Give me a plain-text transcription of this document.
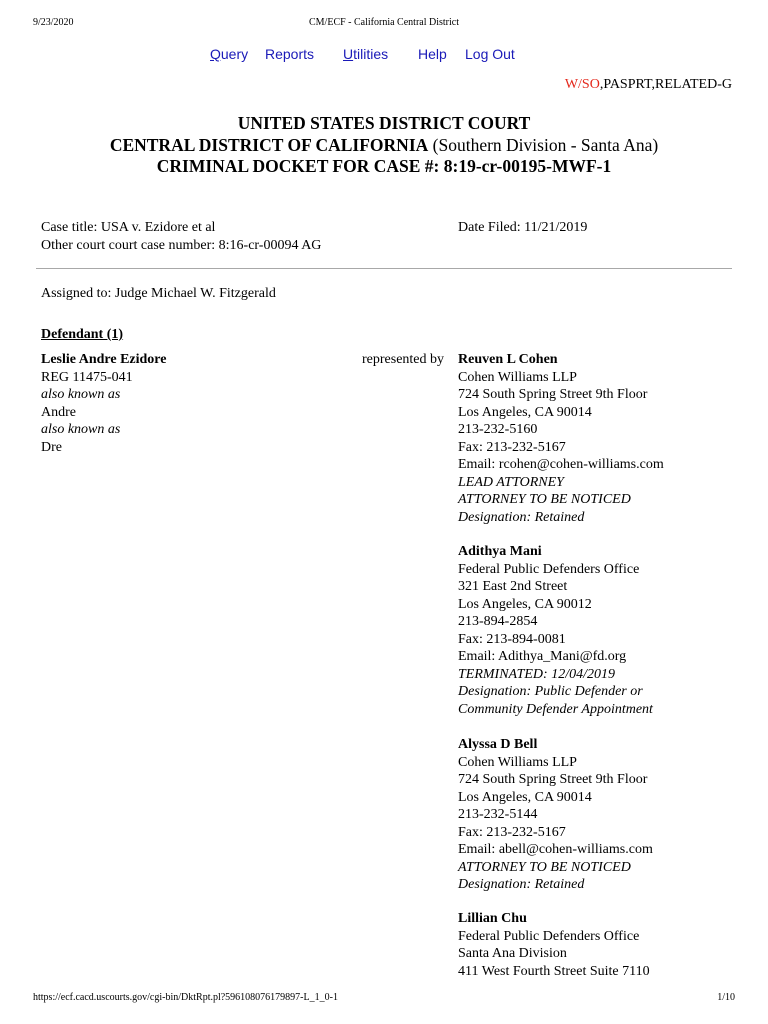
9/23/2020	CM/ECF - California Central District
Query Reports Utilities Help Log Out
W/SO,PASPRT,RELATED-G
UNITED STATES DISTRICT COURT
CENTRAL DISTRICT OF CALIFORNIA (Southern Division - Santa Ana)
CRIMINAL DOCKET FOR CASE #: 8:19-cr-00195-MWF-1
Case title: USA v. Ezidore et al
Other court court case number: 8:16-cr-00094 AG
Date Filed: 11/21/2019
Assigned to: Judge Michael W. Fitzgerald
Defendant (1)
Leslie Andre Ezidore
REG 11475-041
also known as
Andre
also known as
Dre
represented by Reuven L Cohen
Cohen Williams LLP
724 South Spring Street 9th Floor
Los Angeles, CA 90014
213-232-5160
Fax: 213-232-5167
Email: rcohen@cohen-williams.com
LEAD ATTORNEY
ATTORNEY TO BE NOTICED
Designation: Retained
Adithya Mani
Federal Public Defenders Office
321 East 2nd Street
Los Angeles, CA 90012
213-894-2854
Fax: 213-894-0081
Email: Adithya_Mani@fd.org
TERMINATED: 12/04/2019
Designation: Public Defender or
Community Defender Appointment
Alyssa D Bell
Cohen Williams LLP
724 South Spring Street 9th Floor
Los Angeles, CA 90014
213-232-5144
Fax: 213-232-5167
Email: abell@cohen-williams.com
ATTORNEY TO BE NOTICED
Designation: Retained
Lillian Chu
Federal Public Defenders Office
Santa Ana Division
411 West Fourth Street Suite 7110
https://ecf.cacd.uscourts.gov/cgi-bin/DktRpt.pl?596108076179897-L_1_0-1	1/10
